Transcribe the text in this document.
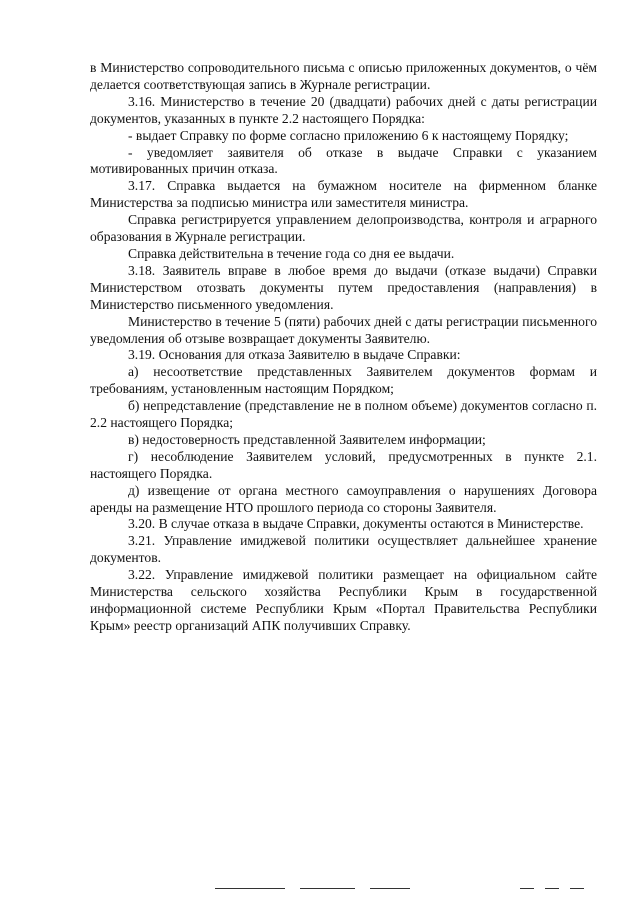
в Министерство сопроводительного письма с описью приложенных документов, о чём делается соответствующая запись в Журнале регистрации.

3.16. Министерство в течение 20 (двадцати) рабочих дней с даты регистрации документов, указанных в пункте 2.2 настоящего Порядка:

- выдает Справку по форме согласно приложению 6 к настоящему Порядку;

- уведомляет заявителя об отказе в выдаче Справки с указанием мотивированных причин отказа.

3.17. Справка выдается на бумажном носителе на фирменном бланке Министерства за подписью министра или заместителя министра.

Справка регистрируется управлением делопроизводства, контроля и аграрного образования в Журнале регистрации.

Справка действительна в течение года со дня ее выдачи.

3.18. Заявитель вправе в любое время до выдачи (отказе выдачи) Справки Министерством отозвать документы путем предоставления (направления) в Министерство письменного уведомления.

Министерство в течение 5 (пяти) рабочих дней с даты регистрации письменного уведомления об отзыве возвращает документы Заявителю.

3.19. Основания для отказа Заявителю в выдаче Справки:

а) несоответствие представленных Заявителем документов формам и требованиям, установленным настоящим Порядком;

б) непредставление (представление не в полном объеме) документов согласно п. 2.2 настоящего Порядка;

в) недостоверность представленной Заявителем информации;

г) несоблюдение Заявителем условий, предусмотренных в пункте 2.1. настоящего Порядка.

д) извещение от органа местного самоуправления о нарушениях Договора аренды на размещение НТО прошлого периода со стороны Заявителя.

3.20. В случае отказа в выдаче Справки, документы остаются в Министерстве.

3.21. Управление имиджевой политики осуществляет дальнейшее хранение документов.

3.22. Управление имиджевой политики размещает на официальном сайте Министерства сельского хозяйства Республики Крым в государственной информационной системе Республики Крым «Портал Правительства Республики Крым» реестр организаций АПК получивших Справку.
